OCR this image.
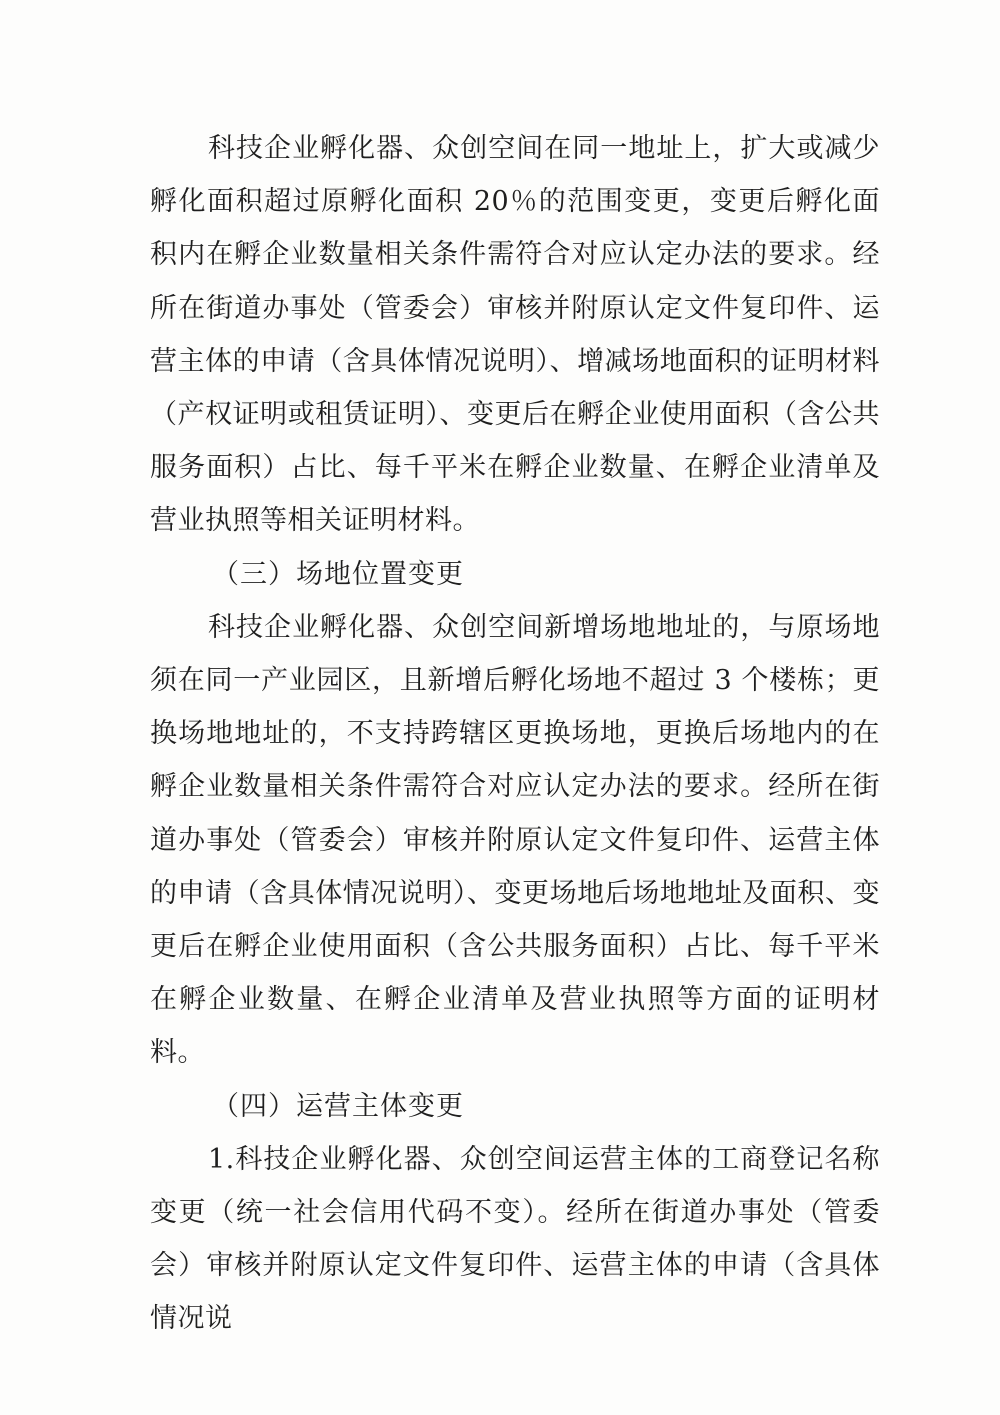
科技企业孵化器、众创空间在同一地址上，扩大或减少孵化面积超过原孵化面积 20％的范围变更，变更后孵化面积内在孵企业数量相关条件需符合对应认定办法的要求。经所在街道办事处（管委会）审核并附原认定文件复印件、运营主体的申请（含具体情况说明）、增减场地面积的证明材料（产权证明或租赁证明）、变更后在孵企业使用面积（含公共服务面积）占比、每千平米在孵企业数量、在孵企业清单及营业执照等相关证明材料。

（三）场地位置变更

科技企业孵化器、众创空间新增场地地址的，与原场地须在同一产业园区，且新增后孵化场地不超过 3 个楼栋；更换场地地址的，不支持跨辖区更换场地，更换后场地内的在孵企业数量相关条件需符合对应认定办法的要求。经所在街道办事处（管委会）审核并附原认定文件复印件、运营主体的申请（含具体情况说明）、变更场地后场地地址及面积、变更后在孵企业使用面积（含公共服务面积）占比、每千平米在孵企业数量、在孵企业清单及营业执照等方面的证明材料。

（四）运营主体变更

1.科技企业孵化器、众创空间运营主体的工商登记名称变更（统一社会信用代码不变）。经所在街道办事处（管委会）审核并附原认定文件复印件、运营主体的申请（含具体情况说
